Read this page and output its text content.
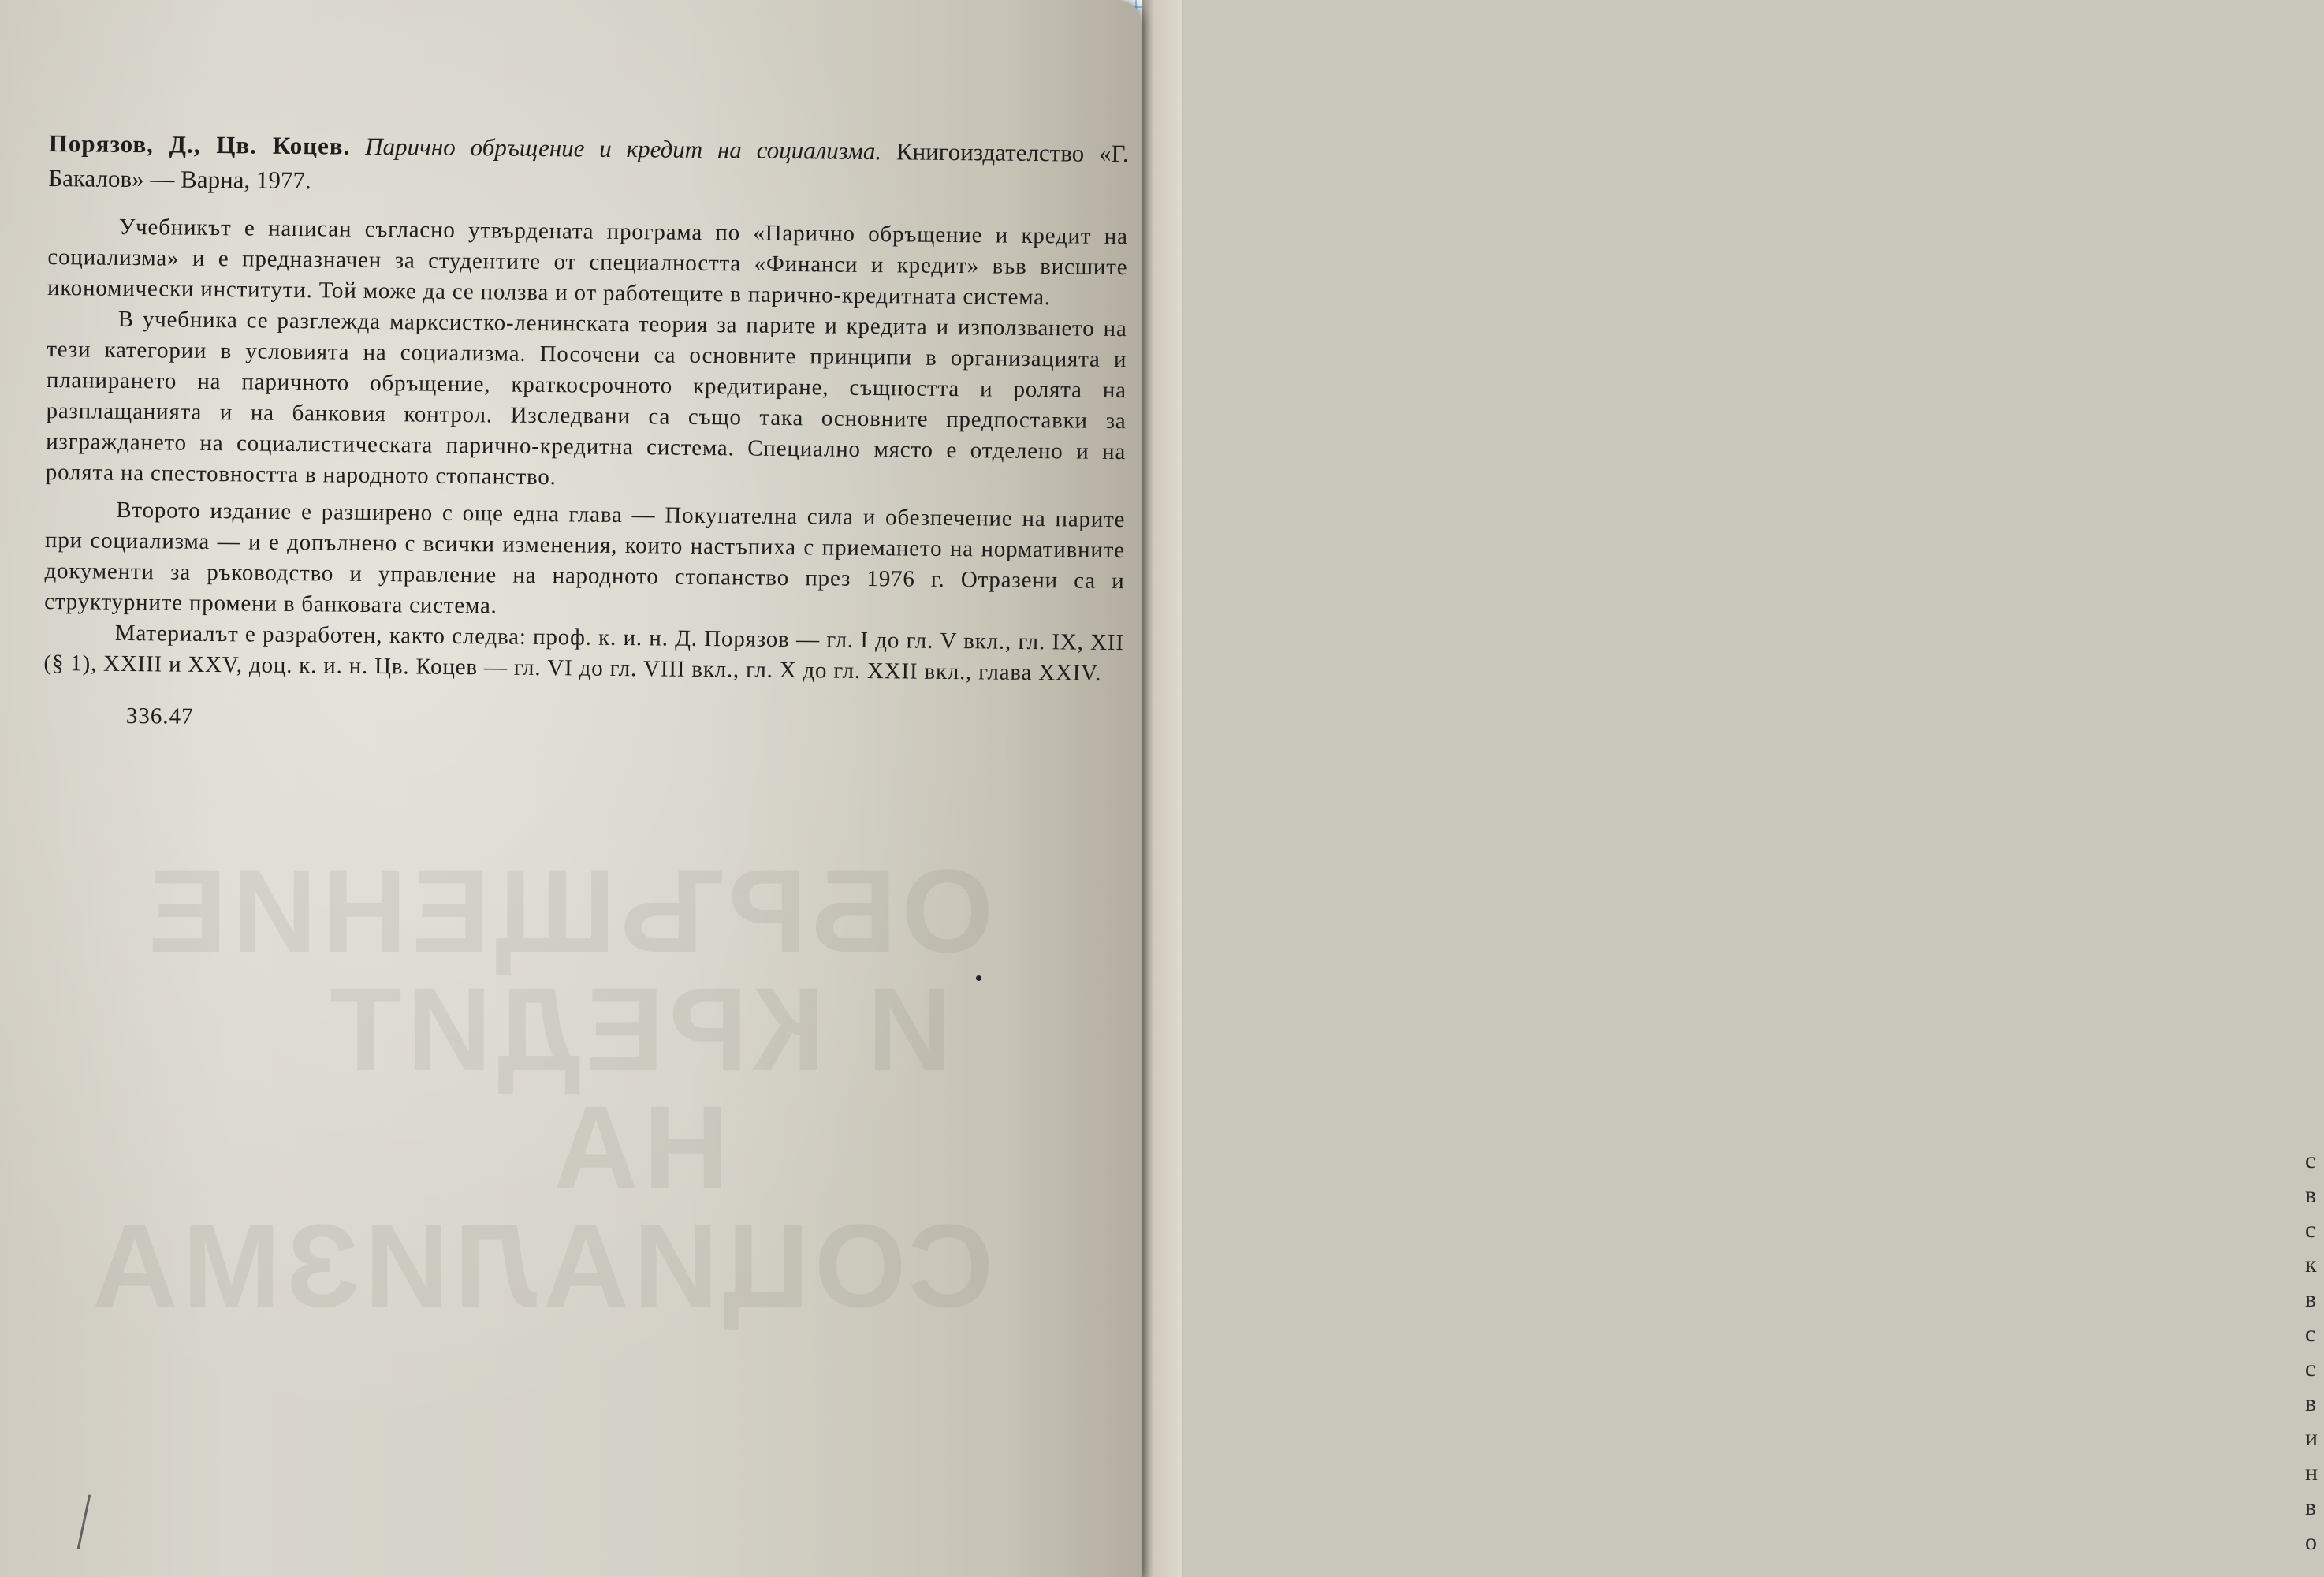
с
в
с
к
в
с
с
в
и
н
в
о
ОБРЪЩЕНИЕ
И КРЕДИТ НА
СОЦИАЛИЗМА

Порязов, Д., Цв. Коцев. Парично обръщение и кредит на социализма. Книгоиздателство «Г. Бакалов» — Варна, 1977.

Учебникът е написан съгласно утвърдената програма по «Парично обръщение и кредит на социализма» и е предназначен за студентите от специалността «Финанси и кредит» във висшите икономически институти. Той може да се ползва и от работещите в парично-кредитната система.

В учебника се разглежда марксистко-ленинската теория за парите и кредита и използването на тези категории в условията на социализма. Посочени са основните принципи в организацията и планирането на паричното обръщение, краткосрочното кредитиране, същността и ролята на разплащанията и на банковия контрол. Изследвани са също така основните предпоставки за изграждането на социалистическата парично-кредитна система. Специално място е отделено и на ролята на спестовността в народното стопанство.

Второто издание е разширено с още една глава — Покупателна сила и обезпечение на парите при социализма — и е допълнено с всички изменения, които настъпиха с приемането на нормативните документи за ръководство и управление на народното стопанство през 1976 г. Отразени са и структурните промени в банковата система.

Материалът е разработен, както следва: проф. к. и. н. Д. Порязов — гл. I до гл. V вкл., гл. IX, XII (§ 1), XXIII и XXV, доц. к. и. н. Цв. Коцев — гл. VI до гл. VIII вкл., гл. X до гл. XXII вкл., глава XXIV.

336.47
